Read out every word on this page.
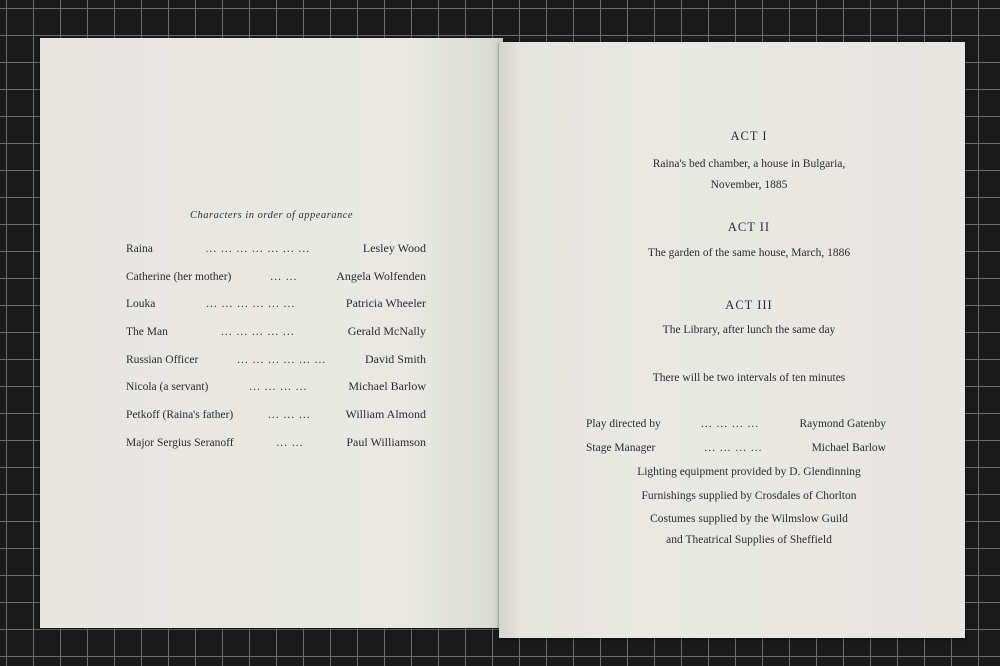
Characters in order of appearance
Raina	... ... ... ... ... ... ...	Lesley Wood
Catherine (her mother)	... ...	Angela Wolfenden
Louka	... ... ... ... ... ...	Patricia Wheeler
The Man	... ... ... ... ...	Gerald McNally
Russian Officer	... ... ... ... ... ...	David Smith
Nicola (a servant)	... ... ... ...	Michael Barlow
Petkoff (Raina's father)	... ... ...	William Almond
Major Sergius Seranoff	... ...	Paul Williamson
ACT I
Raina's bed chamber, a house in Bulgaria,
November, 1885
ACT II
The garden of the same house, March, 1886
ACT III
The Library, after lunch the same day
There will be two intervals of ten minutes
Play directed by	... ... ... ...	Raymond Gatenby
Stage Manager	... ... ... ...	Michael Barlow
Lighting equipment provided by D. Glendinning
Furnishings supplied by Crosdales of Chorlton
Costumes supplied by the Wilmslow Guild
and Theatrical Supplies of Sheffield
